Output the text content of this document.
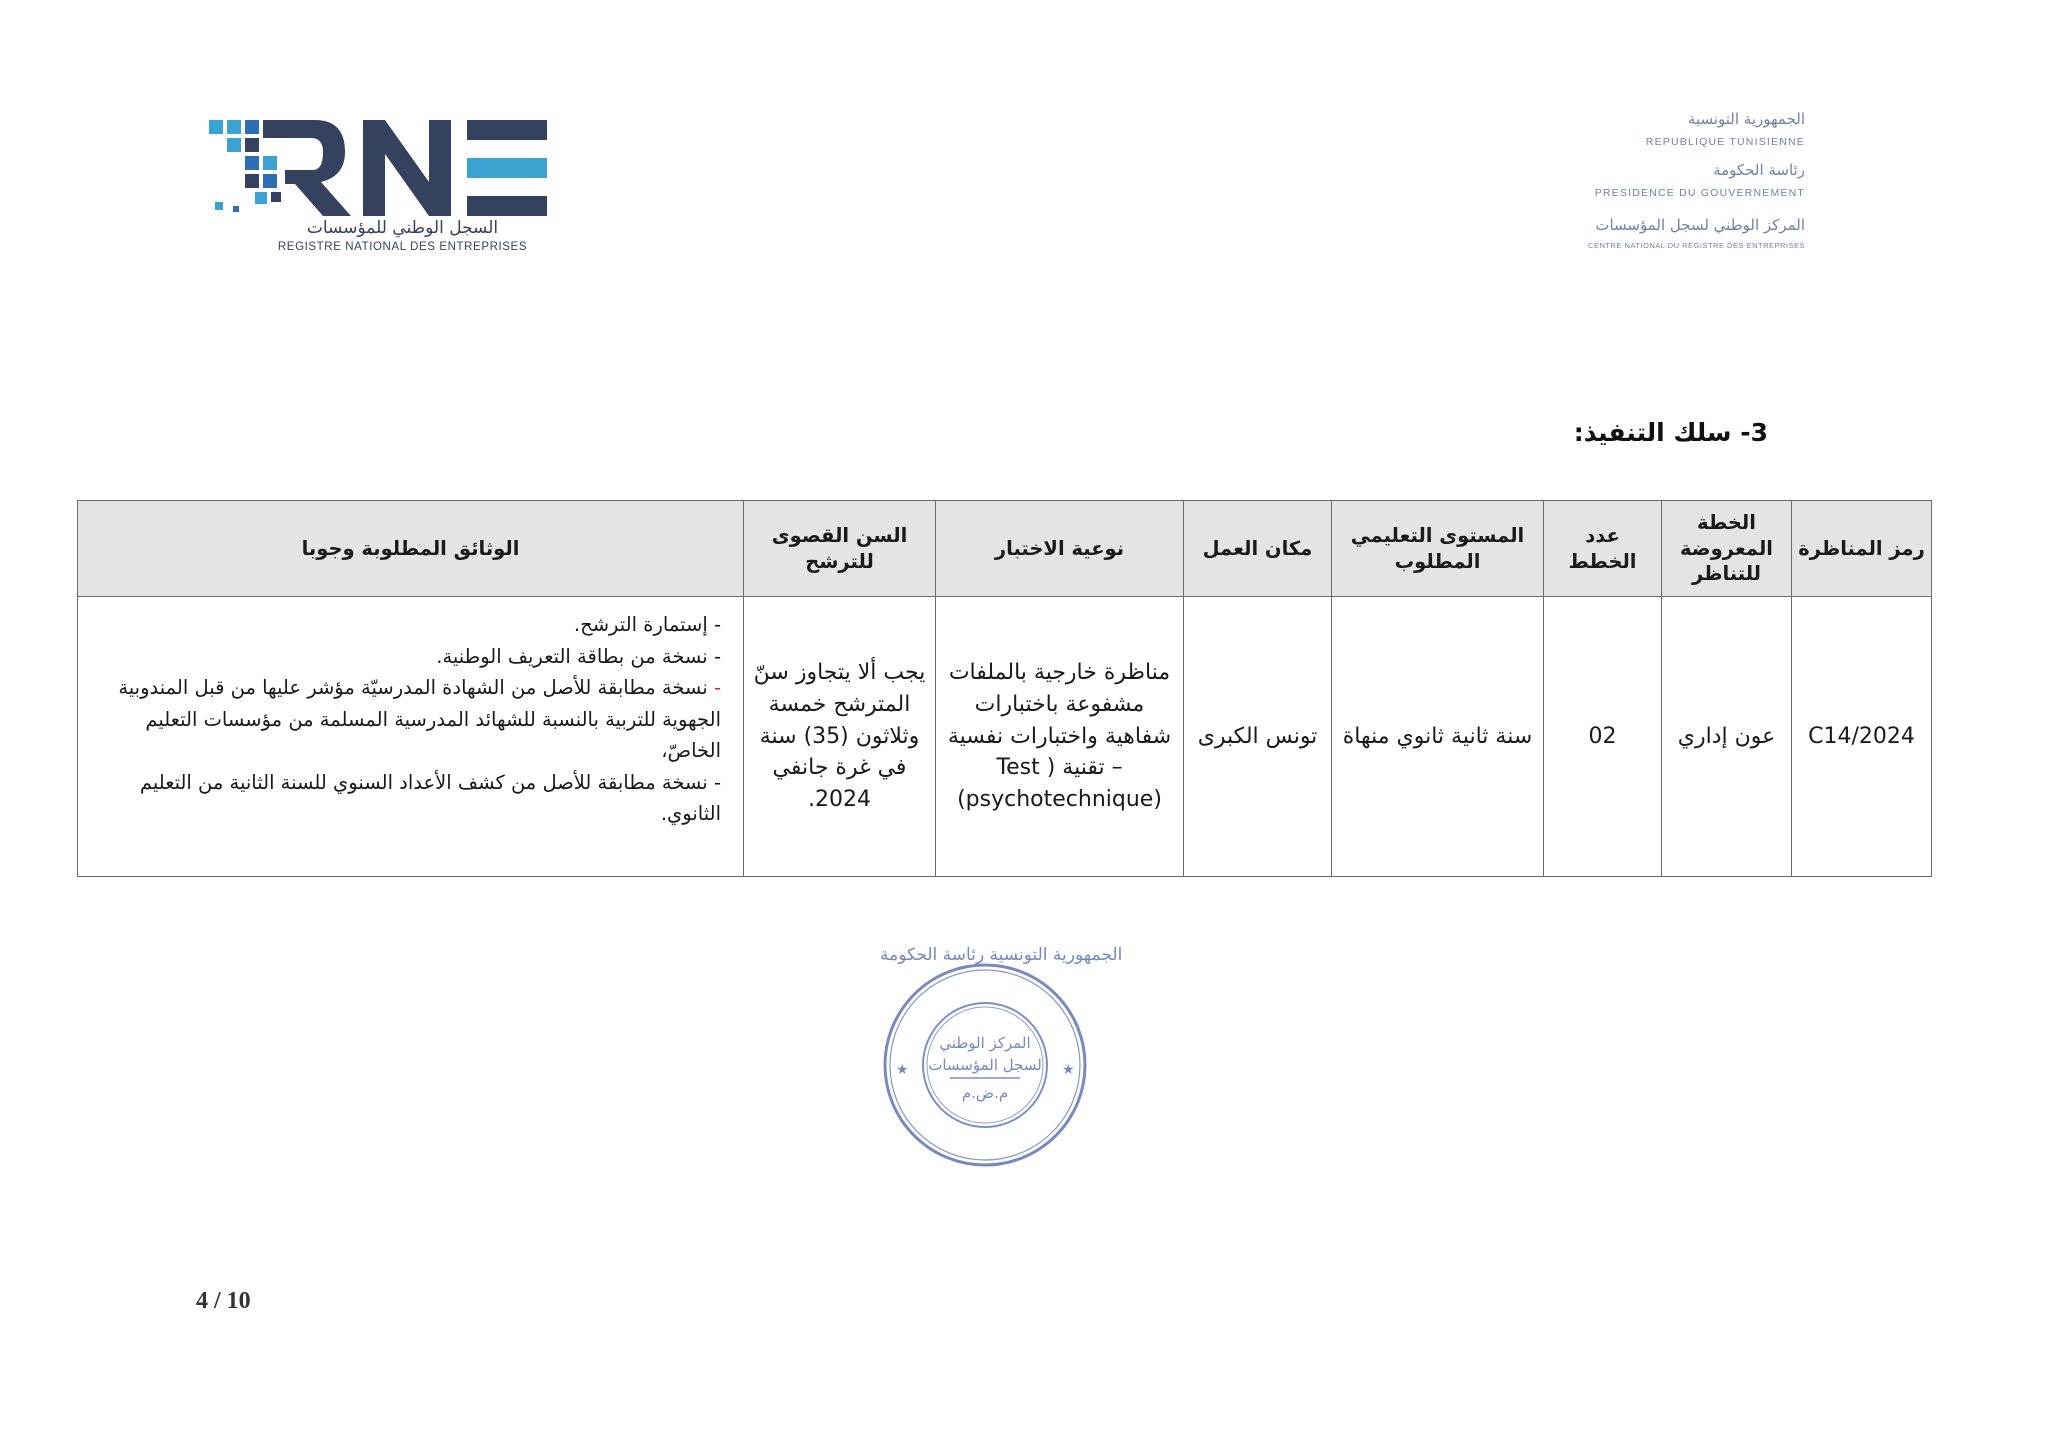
السجل الوطني للمؤسسات
REGISTRE NATIONAL DES ENTREPRISES
الجمهورية التونسية
REPUBLIQUE TUNISIENNE
رئاسة الحكومة
PRESIDENCE DU GOUVERNEMENT
المركز الوطني لسجل المؤسسات
CENTRE NATIONAL DU REGISTRE DES ENTREPRISES
3- سلك التنفيذ:
رمز المناظرة	الخطة المعروضة للتناظر	عدد الخطط	المستوى التعليمي المطلوب	مكان العمل	نوعية الاختبار	السن القصوى للترشح	الوثائق المطلوبة وجوبا
C14/2024	عون إداري	02	سنة ثانية ثانوي منهاة	تونس الكبرى	مناظرة خارجية بالملفات مشفوعة باختبارات شفاهية واختبارات نفسية – تقنية ( Test (psychotechnique)	يجب ألا يتجاوز سنّ المترشح خمسة وثلاثون (35) سنة في غرة جانفي 2024.	- إستمارة الترشح.
- نسخة من بطاقة التعريف الوطنية.
- نسخة مطابقة للأصل من الشهادة المدرسيّة مؤشر عليها من قبل المندوبية الجهوية للتربية بالنسبة للشهائد المدرسية المسلمة من مؤسسات التعليم الخاصّ،
- نسخة مطابقة للأصل من كشف الأعداد السنوي للسنة الثانية من التعليم الثانوي.
الجمهورية التونسية رئاسة الحكومة
★	★
المركز الوطني
لسجل المؤسسات
م.ض.م
4 / 10
